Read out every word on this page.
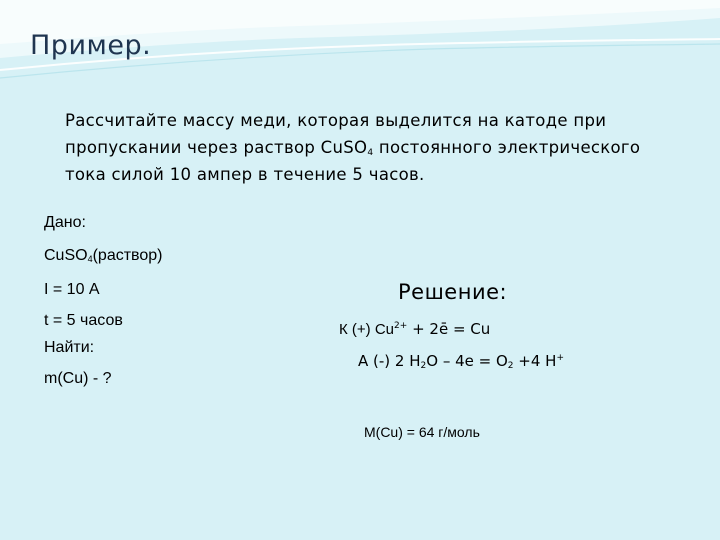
Пример.
Рассчитайте массу меди, которая выделится на катоде при пропускании через раствор CuSO$_4$ постоянного электрического тока силой 10 ампер в течение 5 часов.
Дано:
CuSO$_4$(раствор)
I = 10 А
t = 5 часов
Найти:
m(Cu) - ?
Решение:
К (+) $Cu^{2+}$ + 2ē = Cu
А (-) 2 $Н_2О - 4е = О_2 +4$ Н+
M(Cu) = 64 г/моль
